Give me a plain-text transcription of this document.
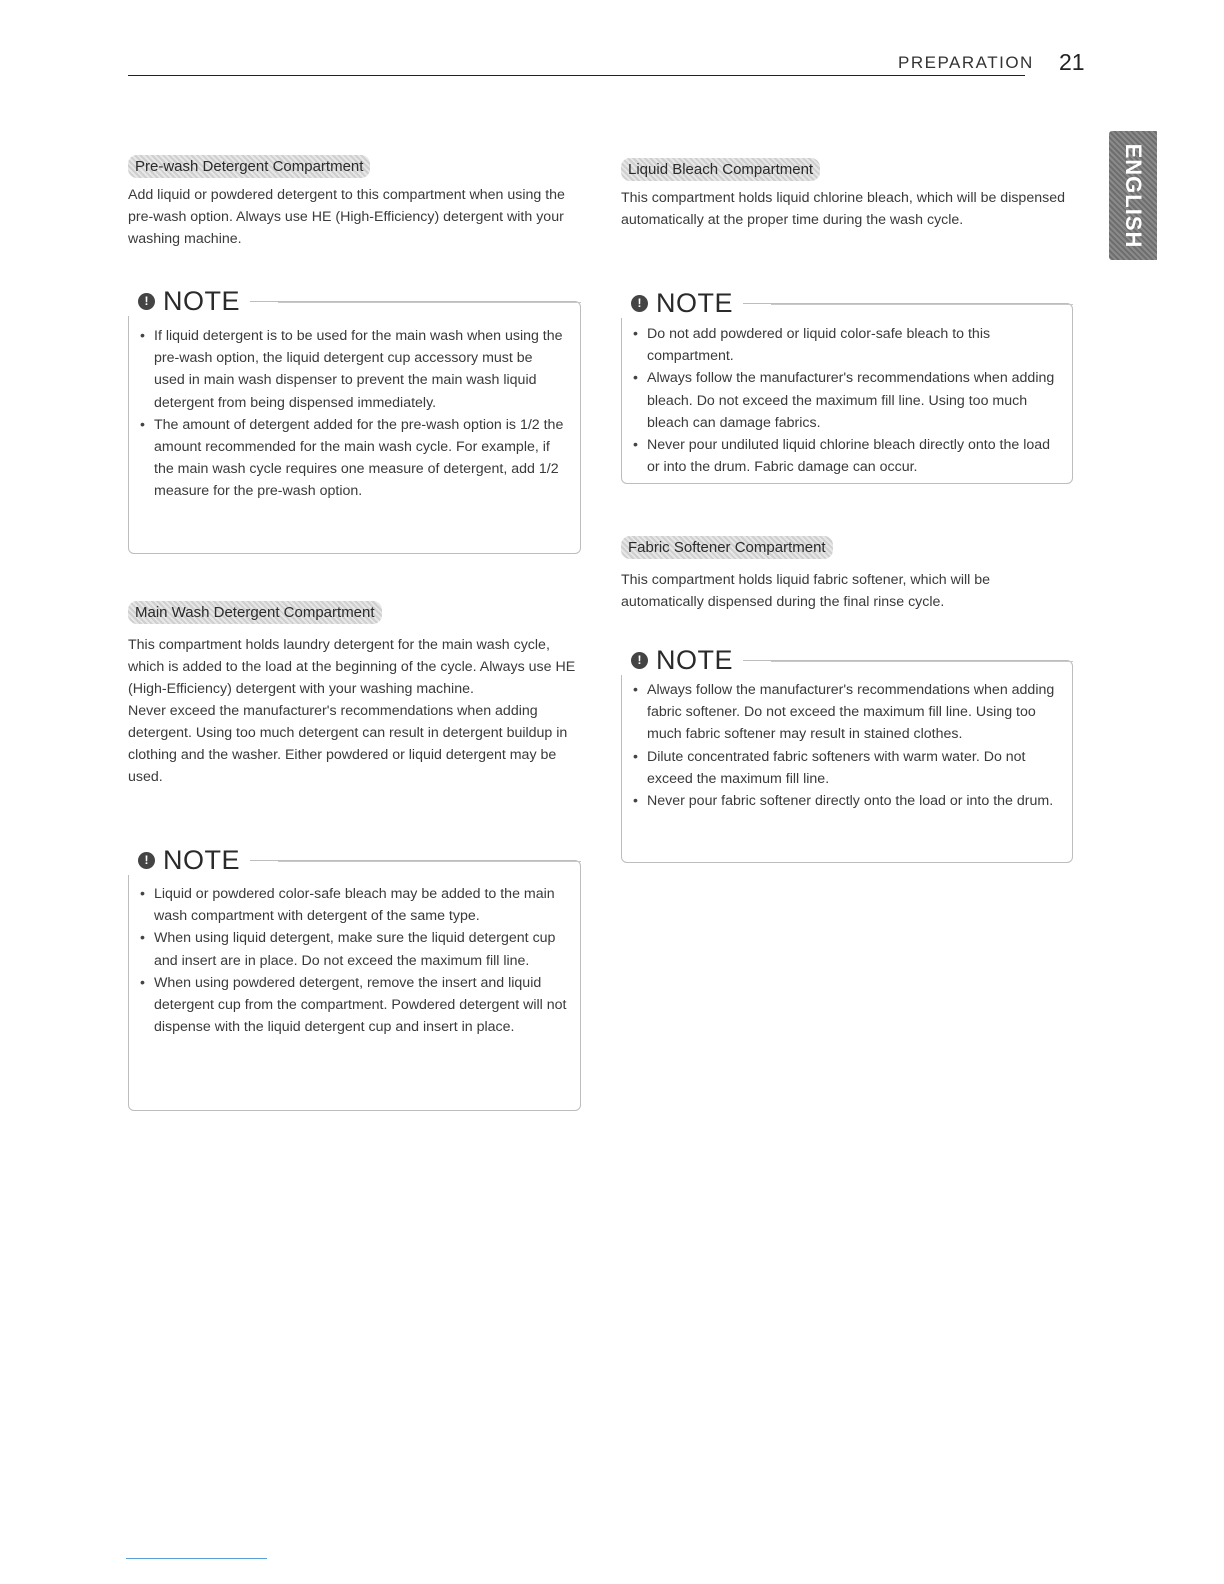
PREPARATION 21
ENGLISH
Pre-wash Detergent Compartment

Add liquid or powdered detergent to this compartment when using the pre-wash option. Always use HE (High-Efficiency) detergent with your washing machine.

! NOTE
• If liquid detergent is to be used for the main wash when using the pre-wash option, the liquid detergent cup accessory must be used in main wash dispenser to prevent the main wash liquid detergent from being dispensed immediately.
• The amount of detergent added for the pre-wash option is 1/2 the amount recommended for the main wash cycle. For example, if the main wash cycle requires one measure of detergent, add 1/2 measure for the pre-wash option.
Main Wash Detergent Compartment

This compartment holds laundry detergent for the main wash cycle, which is added to the load at the beginning of the cycle. Always use HE (High-Efficiency) detergent with your washing machine.

Never exceed the manufacturer's recommendations when adding detergent. Using too much detergent can result in detergent buildup in clothing and the washer. Either powdered or liquid detergent may be used.

! NOTE
• Liquid or powdered color-safe bleach may be added to the main wash compartment with detergent of the same type.
• When using liquid detergent, make sure the liquid detergent cup and insert are in place. Do not exceed the maximum fill line.
• When using powdered detergent, remove the insert and liquid detergent cup from the compartment. Powdered detergent will not dispense with the liquid detergent cup and insert in place.
Liquid Bleach Compartment

This compartment holds liquid chlorine bleach, which will be dispensed automatically at the proper time during the wash cycle.

! NOTE
• Do not add powdered or liquid color-safe bleach to this compartment.
• Always follow the manufacturer's recommendations when adding bleach. Do not exceed the maximum fill line. Using too much bleach can damage fabrics.
• Never pour undiluted liquid chlorine bleach directly onto the load or into the drum. Fabric damage can occur.
Fabric Softener Compartment

This compartment holds liquid fabric softener, which will be automatically dispensed during the final rinse cycle.

! NOTE
• Always follow the manufacturer's recommendations when adding fabric softener. Do not exceed the maximum fill line. Using too much fabric softener may result in stained clothes.
• Dilute concentrated fabric softeners with warm water. Do not exceed the maximum fill line.
• Never pour fabric softener directly onto the load or into the drum.
